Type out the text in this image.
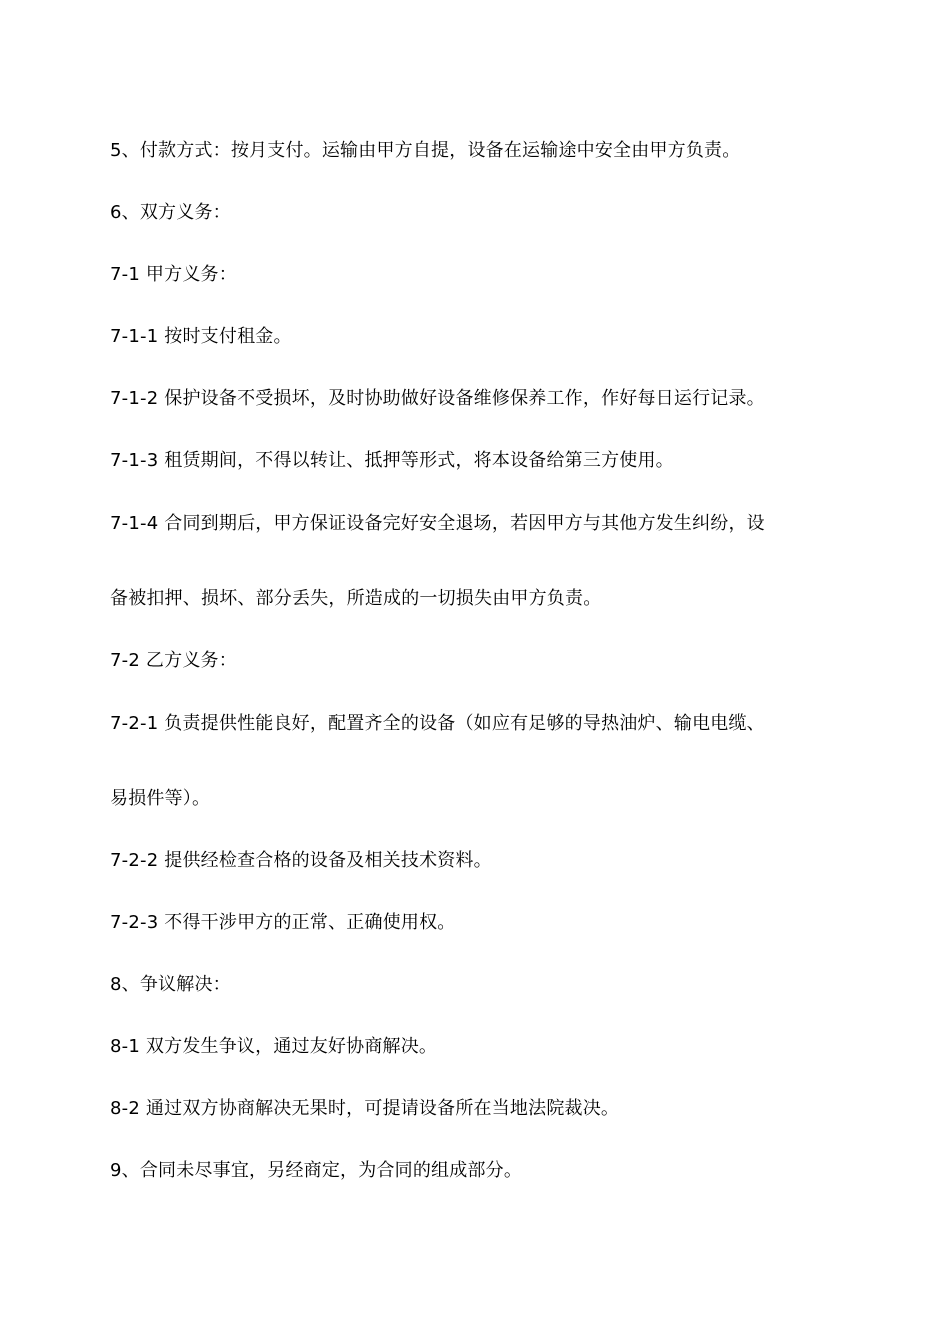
5、付款方式：按月支付。运输由甲方自提，设备在运输途中安全由甲方负责。
6、双方义务：
7-1 甲方义务：
7-1-1 按时支付租金。
7-1-2 保护设备不受损坏，及时协助做好设备维修保养工作，作好每日运行记录。
7-1-3 租赁期间，不得以转让、抵押等形式，将本设备给第三方使用。
7-1-4 合同到期后，甲方保证设备完好安全退场，若因甲方与其他方发生纠纷，设
备被扣押、损坏、部分丢失，所造成的一切损失由甲方负责。
7-2 乙方义务：
7-2-1 负责提供性能良好，配置齐全的设备（如应有足够的导热油炉、输电电缆、
易损件等）。
7-2-2 提供经检查合格的设备及相关技术资料。
7-2-3 不得干涉甲方的正常、正确使用权。
8、争议解决：
8-1 双方发生争议，通过友好协商解决。
8-2 通过双方协商解决无果时，可提请设备所在当地法院裁决。
9、合同未尽事宜，另经商定，为合同的组成部分。
